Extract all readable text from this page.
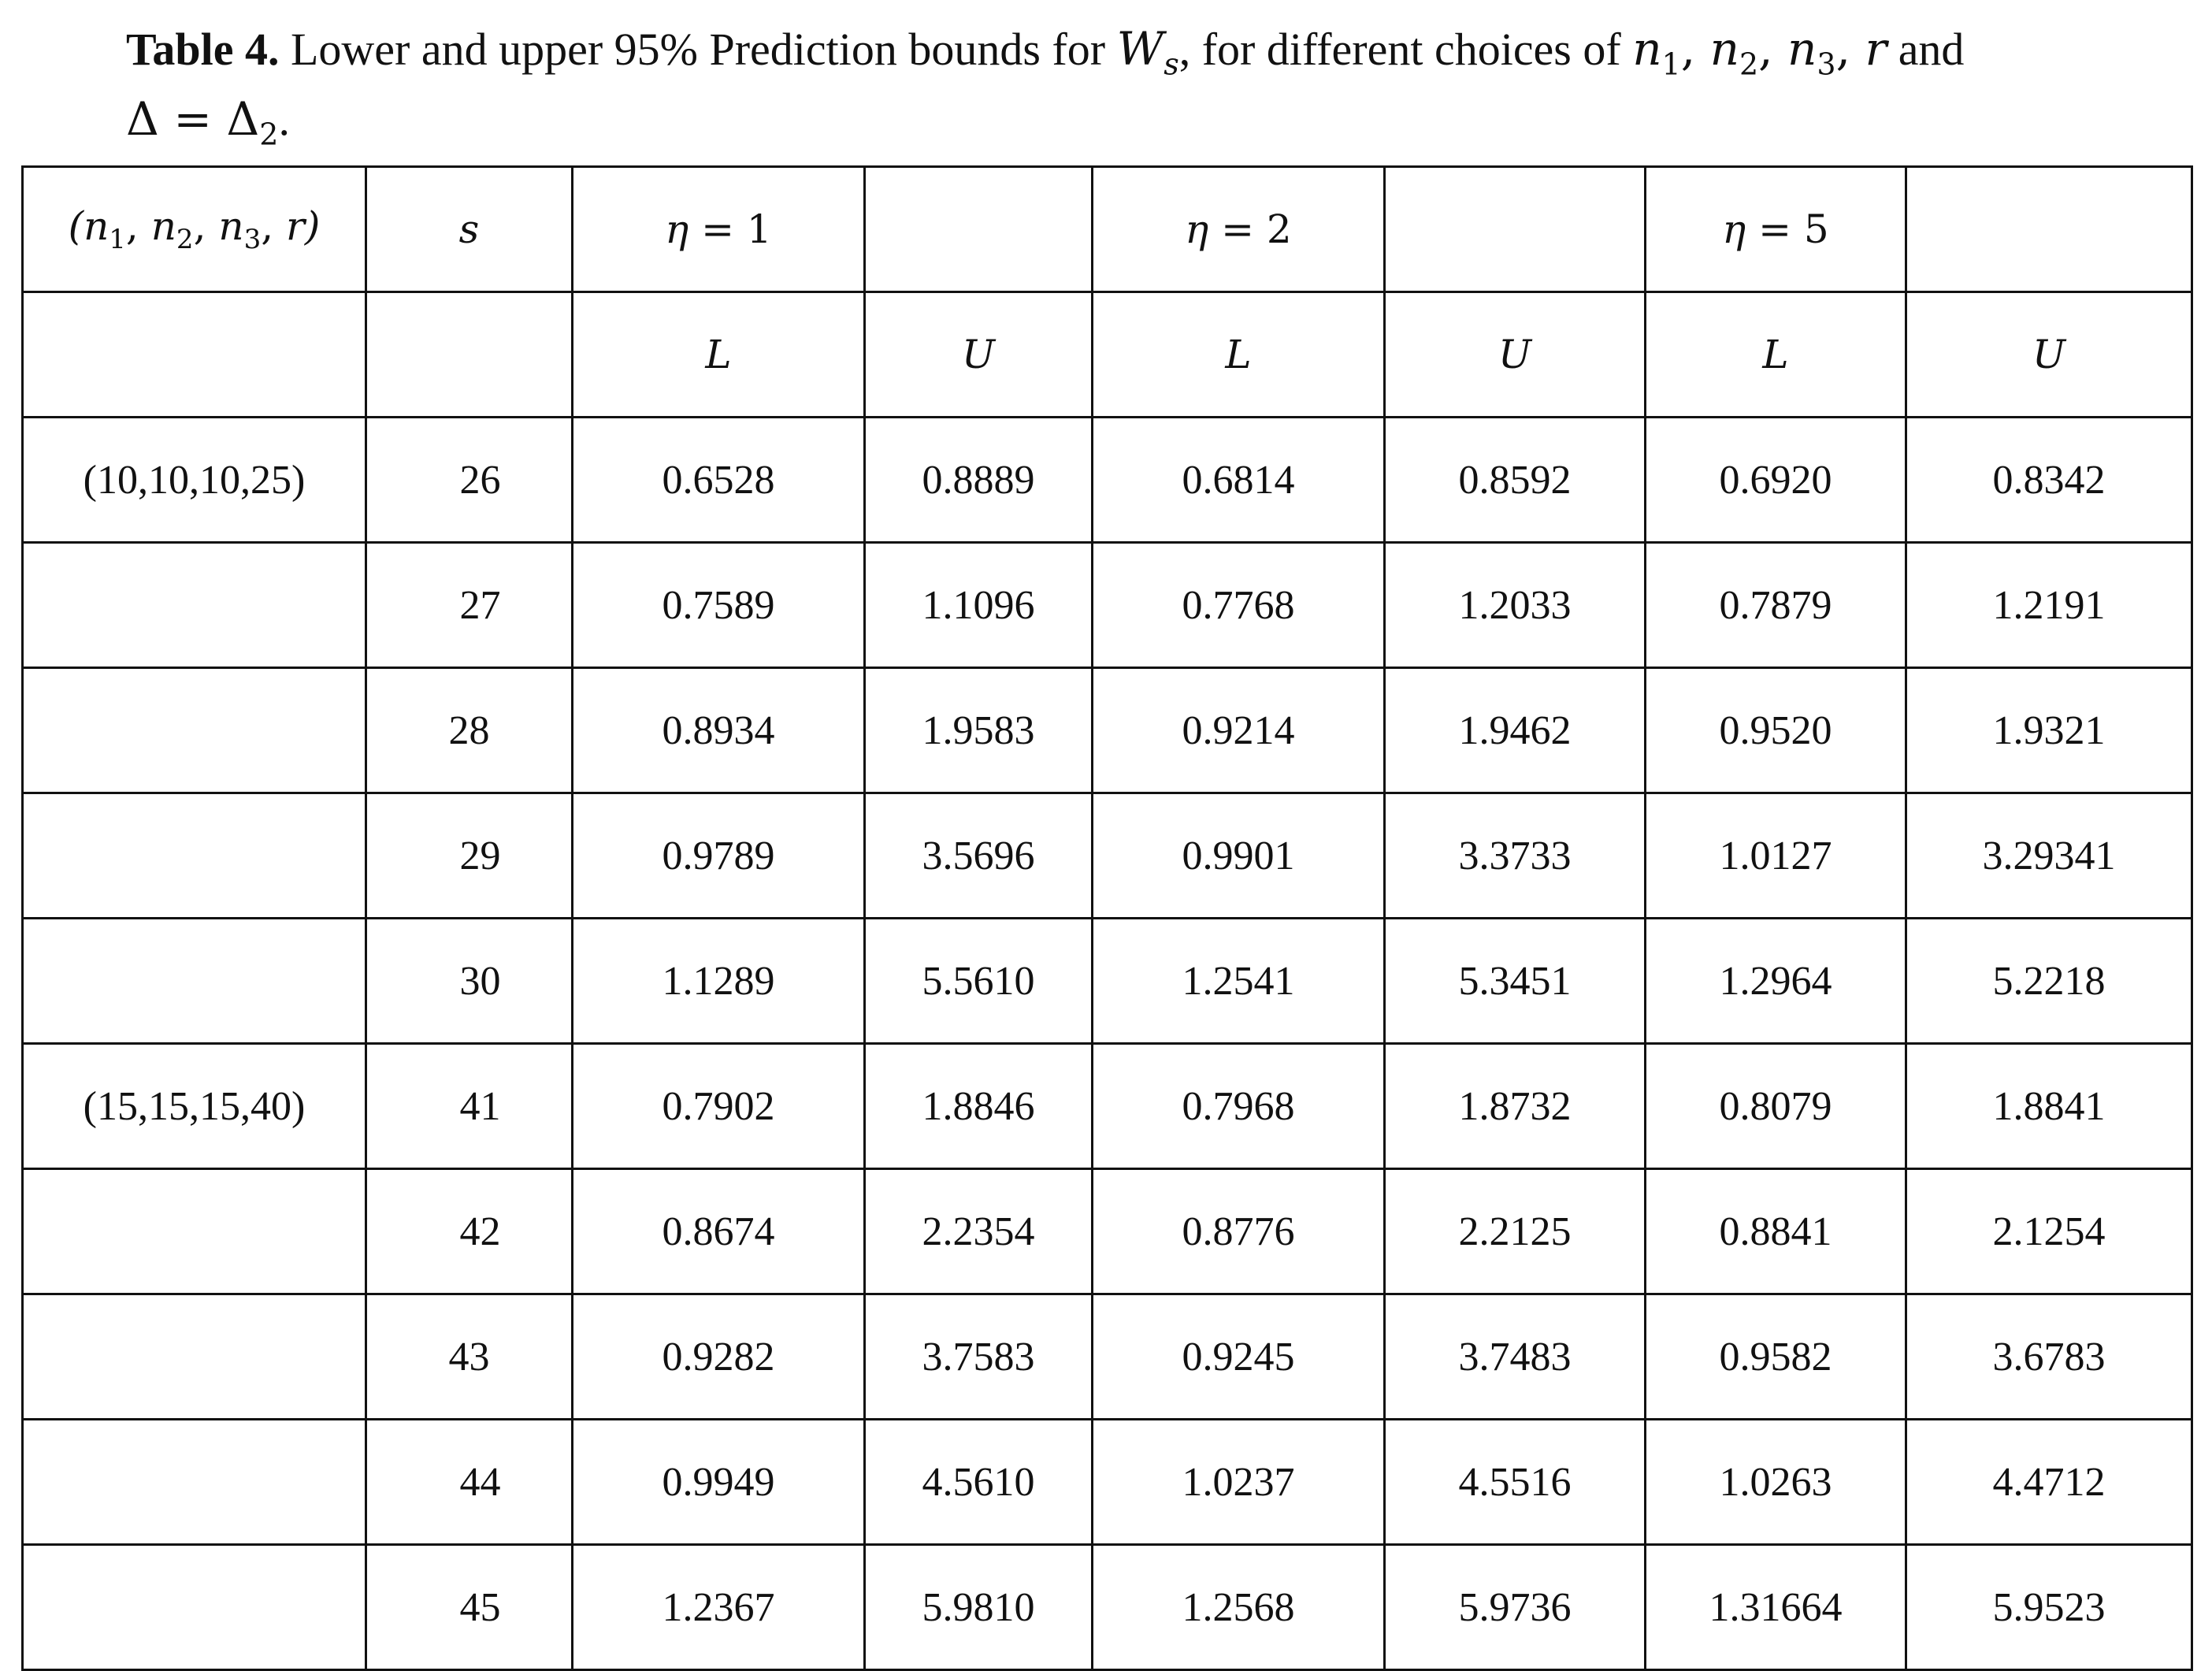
Table 4. Lower and upper 95% Prediction bounds for $W_s$, for different choices of $n_1$, $n_2$, $n_3$, r and
$\Delta = \Delta_2$.
($n_1$, $n_2$, $n_3$, r)	s	η = 1		η = 2		η = 5	
		L	U	L	U	L	U
(10,10,10,25)	26	0.6528	0.8889	0.6814	0.8592	0.6920	0.8342
	27	0.7589	1.1096	0.7768	1.2033	0.7879	1.2191
	28	0.8934	1.9583	0.9214	1.9462	0.9520	1.9321
	29	0.9789	3.5696	0.9901	3.3733	1.0127	3.29341
	30	1.1289	5.5610	1.2541	5.3451	1.2964	5.2218
(15,15,15,40)	41	0.7902	1.8846	0.7968	1.8732	0.8079	1.8841
	42	0.8674	2.2354	0.8776	2.2125	0.8841	2.1254
	43	0.9282	3.7583	0.9245	3.7483	0.9582	3.6783
	44	0.9949	4.5610	1.0237	4.5516	1.0263	4.4712
	45	1.2367	5.9810	1.2568	5.9736	1.31664	5.9523
